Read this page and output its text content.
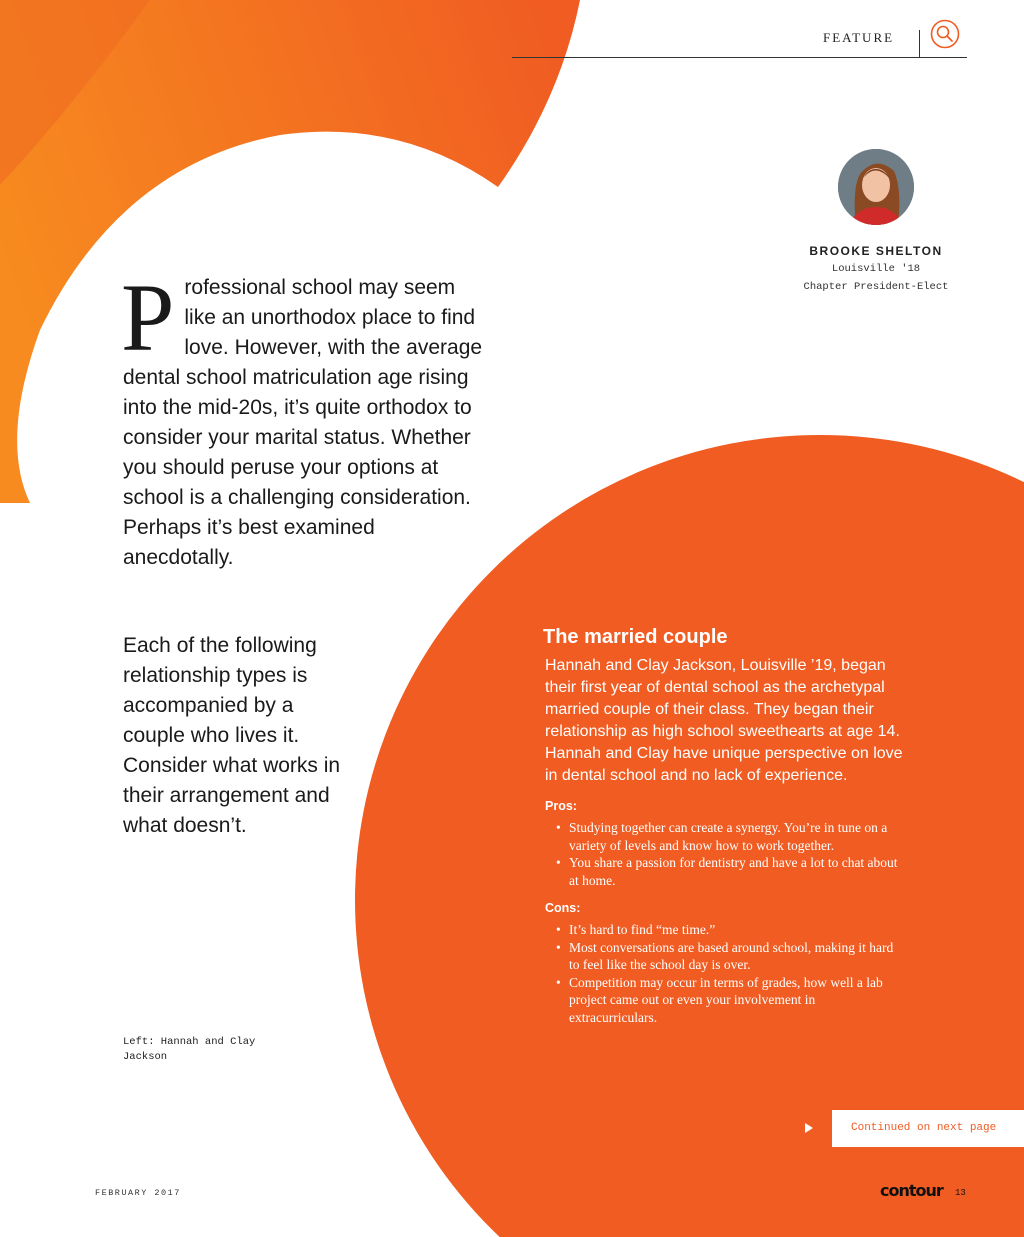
FEATURE
BROOKE SHELTON
Louisville '18
Chapter President-Elect

Professional school may seem like an unorthodox place to find love. However, with the average dental school matriculation age rising into the mid-20s, it’s quite orthodox to consider your marital status. Whether you should peruse your options at school is a challenging consideration. Perhaps it’s best examined anecdotally.

Each of the following relationship types is accompanied by a couple who lives it. Consider what works in their arrangement and what doesn’t.

Left: Hannah and Clay Jackson

The married couple

Hannah and Clay Jackson, Louisville ’19, began their first year of dental school as the archetypal married couple of their class. They began their relationship as high school sweethearts at age 14. Hannah and Clay have unique perspective on love in dental school and no lack of experience.

Pros:
• Studying together can create a synergy. You’re in tune on a variety of levels and know how to work together.
• You share a passion for dentistry and have a lot to chat about at home.
Cons:
• It’s hard to find “me time.”
• Most conversations are based around school, making it hard to feel like the school day is over.
• Competition may occur in terms of grades, how well a lab project came out or even your involvement in extracurriculars.
Continued on next page
FEBRUARY 2017	contour 13
